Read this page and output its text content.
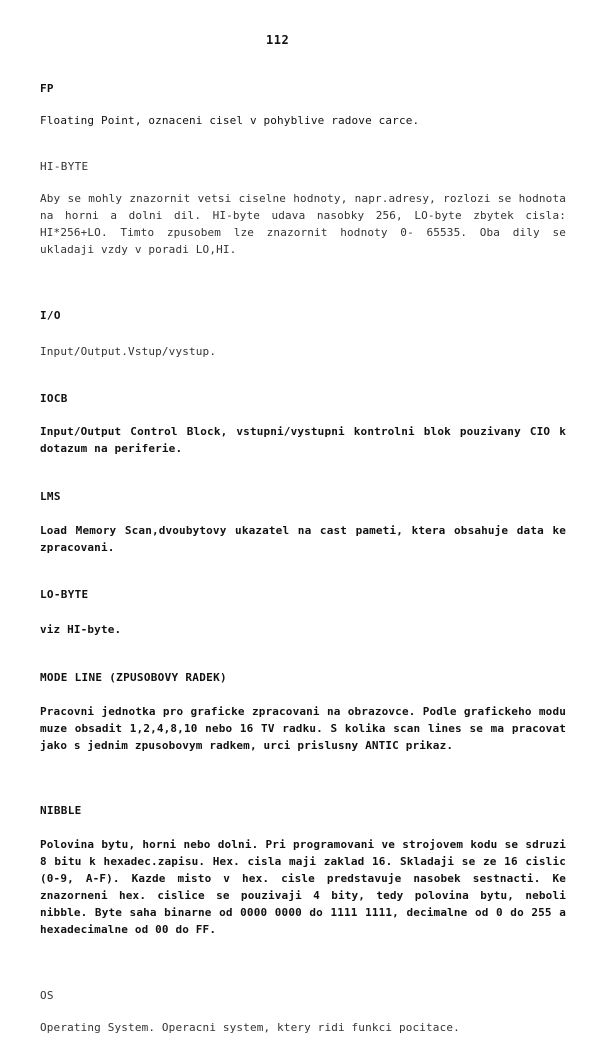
112
FP
Floating Point, oznaceni cisel v pohyblive radove carce.
HI-BYTE
Aby se mohly znazornit vetsi ciselne hodnoty, napr.adresy, rozlozi se hodnota na horni a dolni dil. HI-byte udava nasobky 256, LO-byte zbytek cisla: HI*256+LO. Timto zpusobem lze znazornit hodnoty 0- 65535. Oba dily se ukladaji vzdy v poradi LO,HI.
I/O
Input/Output.Vstup/vystup.
IOCB
Input/Output Control Block, vstupni/vystupni kontrolni blok pouzivany CIO k dotazum na periferie.
LMS
Load Memory Scan,dvoubytovy ukazatel na cast pameti, ktera obsahuje data ke zpracovani.
LO-BYTE
viz HI-byte.
MODE LINE (ZPUSOBOVY RADEK)
Pracovni jednotka pro graficke zpracovani na obrazovce. Podle grafickeho modu muze obsadit 1,2,4,8,10 nebo 16 TV radku. S kolika scan lines se ma pracovat jako s jednim zpusobovym radkem, urci prislusny ANTIC prikaz.
NIBBLE
Polovina bytu, horni nebo dolni. Pri programovani ve strojovem kodu se sdruzi 8 bitu k hexadec.zapisu. Hex. cisla maji zaklad 16. Skladaji se ze 16 cislic (0-9, A-F). Kazde misto v hex. cisle predstavuje nasobek sestnacti. Ke znazorneni hex. cislice se pouzivaji 4 bity, tedy polovina bytu, neboli nibble. Byte saha binarne od 0000 0000 do 1111 1111, decimalne od 0 do 255 a hexadecimalne od 00 do FF.
OS
Operating System. Operacni system, ktery ridi funkci pocitace.
